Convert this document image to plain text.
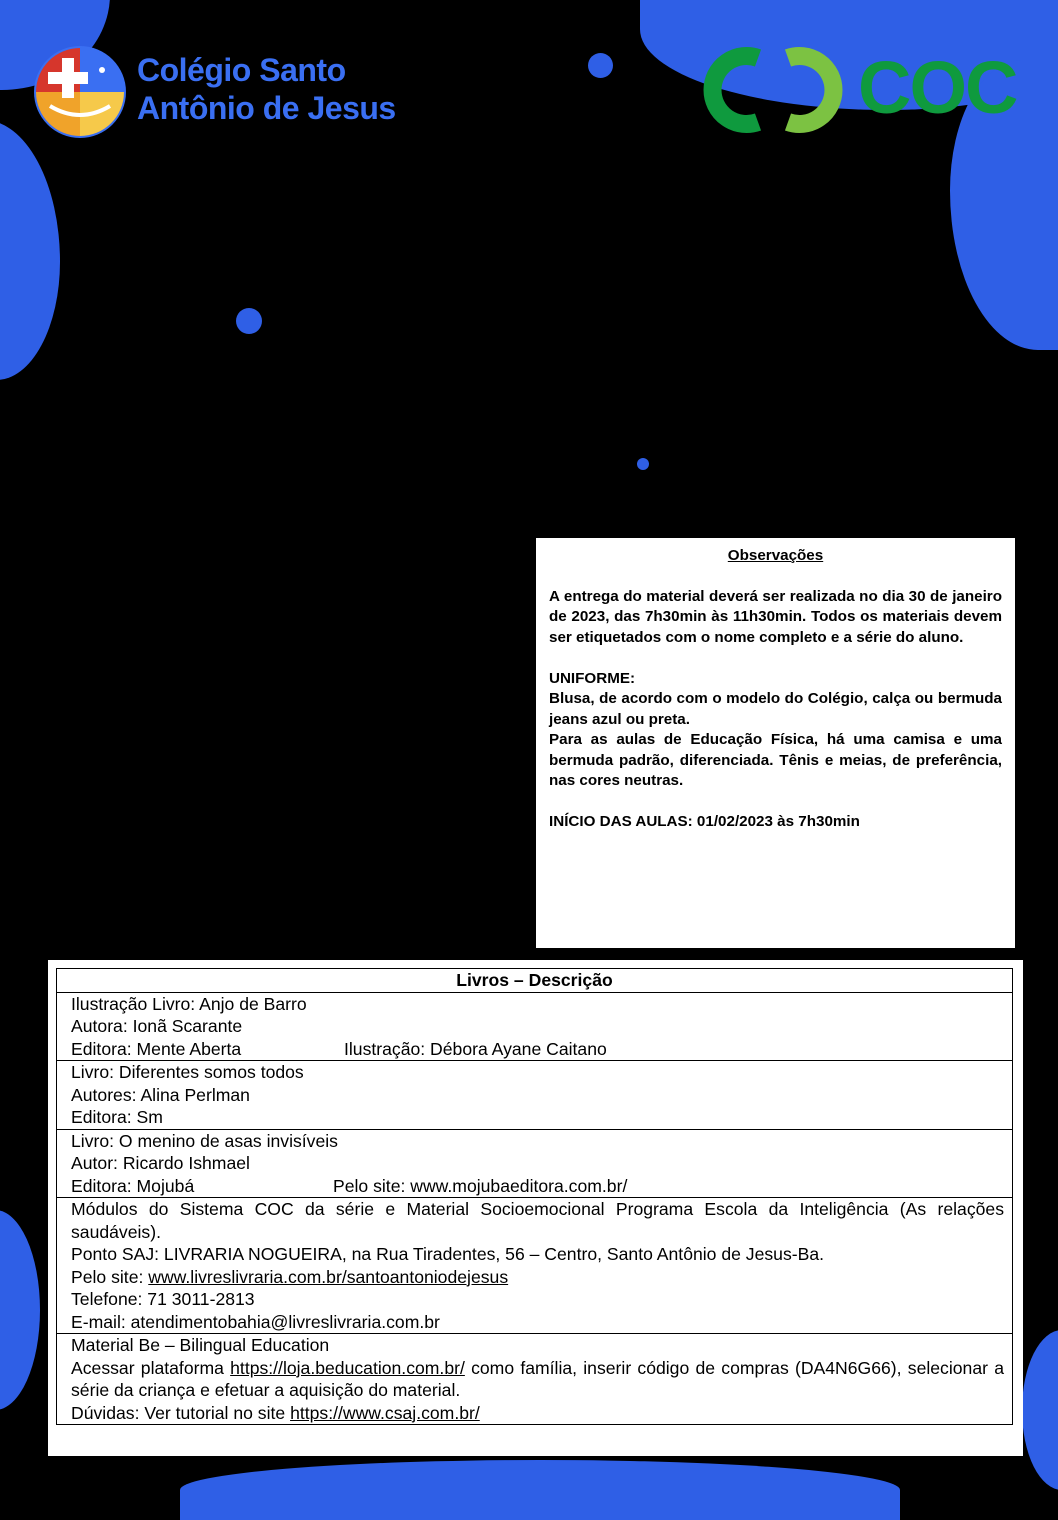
Colégio Santo
Antônio de Jesus	COC
Observações

A entrega do material deverá ser realizada no dia 30 de janeiro de 2023, das 7h30min às 11h30min. Todos os materiais devem ser etiquetados com o nome completo e a série do aluno.

UNIFORME:

Blusa, de acordo com o modelo do Colégio, calça ou bermuda jeans azul ou preta.

Para as aulas de Educação Física, há uma camisa e uma bermuda padrão, diferenciada. Tênis e meias, de preferência, nas cores neutras.

INÍCIO DAS AULAS: 01/02/2023 às 7h30min

Livros – Descrição

Ilustração Livro: Anjo de Barro
Autora: Ionã Scarante
Editora: Mente Aberta	Ilustração: Débora Ayane Caitano

Livro: Diferentes somos todos
Autores: Alina Perlman
Editora: Sm

Livro: O menino de asas invisíveis
Autor: Ricardo Ishmael
Editora: Mojubá	Pelo site: www.mojubaeditora.com.br/

Módulos do Sistema COC da série e Material Socioemocional Programa Escola da Inteligência (As relações saudáveis).
Ponto SAJ: LIVRARIA NOGUEIRA, na Rua Tiradentes, 56 – Centro, Santo Antônio de Jesus-Ba.
Pelo site: www.livreslivraria.com.br/santoantoniodejesus
Telefone: 71 3011-2813
E-mail: atendimentobahia@livreslivraria.com.br

Material Be – Bilingual Education
Acessar plataforma https://loja.beducation.com.br/ como família, inserir código de compras (DA4N6G66), selecionar a série da criança e efetuar a aquisição do material.
Dúvidas: Ver tutorial no site https://www.csaj.com.br/
